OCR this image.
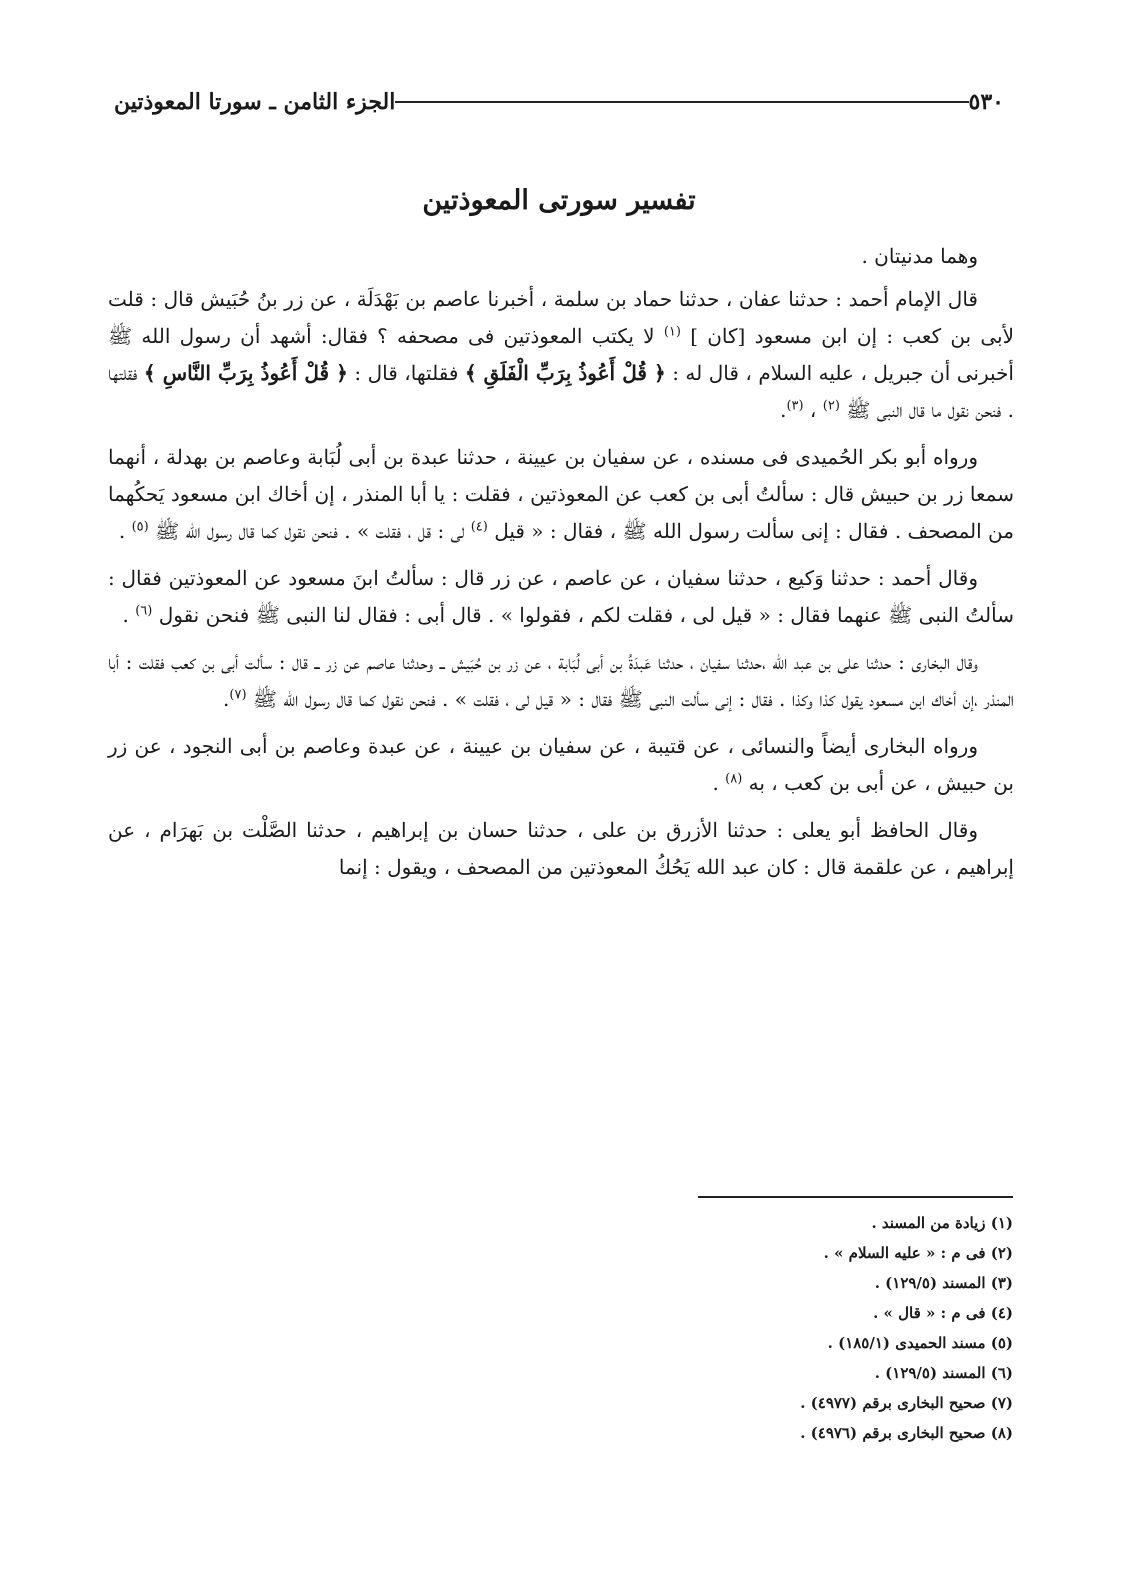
٥٣٠
الجزء الثامن ـ سورتا المعوذتين
تفسير سورتى المعوذتين

وهما مدنيتان .

قال الإمام أحمد : حدثنا عفان ، حدثنا حماد بن سلمة ، أخبرنا عاصم بن بَهْدَلَة ، عن زر بنُ حُبَيش قال : قلت لأبى بن كعب : إن ابن مسعود [كان ] $^{(١)}$ لا يكتب المعوذتين فى مصحفه ؟ فقال: أشهد أن رسول الله ﷺ أخبرنى أن جبريل ، عليه السلام ، قال له : ﴿ قُلْ أَعُوذُ بِرَبِّ الْفَلَقِ ﴾ فقلتها، قال : ﴿ قُلْ أَعُوذُ بِرَبِّ النَّاسِ ﴾ فقلتها . فنحن نقول ما قال النبى ﷺ $^{(٢)}$ ، $^{(٣)}$.

ورواه أبو بكر الحُميدى فى مسنده ، عن سفيان بن عيينة ، حدثنا عبدة بن أبى لُبَابة وعاصم بن بهدلة ، أنهما سمعا زر بن حبيش قال : سألتُ أبى بن كعب عن المعوذتين ، فقلت : يا أبا المنذر ، إن أخاك ابن مسعود يَحكُهما من المصحف . فقال : إنى سألت رسول الله ﷺ ، فقال : « قيل $^{(٤)}$ لى : قل ، فقلت » . فنحن نقول كما قال رسول الله ﷺ $^{(٥)}$ .

وقال أحمد : حدثنا وَكيع ، حدثنا سفيان ، عن عاصم ، عن زر قال : سألتُ ابنَ مسعود عن المعوذتين فقال : سألتُ النبى ﷺ عنهما فقال : « قيل لى ، فقلت لكم ، فقولوا » . قال أبى : فقال لنا النبى ﷺ فنحن نقول $^{(٦)}$ .

وقال البخارى : حدثنا على بن عبد الله ،حدثنا سفيان ، حدثنا عَبدَةُ بن أبى لُبَابة ، عن زر بن حُبَيش ــ وحدثنا عاصم عن زر ــ قال : سألت أبى بن كعب فقلت : أبا المنذر ،إن أخاك ابن مسعود يقول كذا وكذا . فقال : إنى سألت النبى ﷺ فقال : « قيل لى ، فقلت » . فنحن نقول كما قال رسول الله ﷺ $^{(٧)}$.

ورواه البخارى أيضاً والنسائى ، عن قتيبة ، عن سفيان بن عيينة ، عن عبدة وعاصم بن أبى النجود ، عن زر بن حبيش ، عن أبى بن كعب ، به $^{(٨)}$ .

وقال الحافظ أبو يعلى : حدثنا الأزرق بن على ، حدثنا حسان بن إبراهيم ، حدثنا الصَّلْت بن بَهرَام ، عن إبراهيم ، عن علقمة قال : كان عبد الله يَحُكُ المعوذتين من المصحف ، ويقول : إنما

(١) زيادة من المسند .
(٢) فى م : « عليه السلام » .
(٣) المسند (١٢٩/٥) .
(٤) فى م : « قال » .
(٥) مسند الحميدى (١٨٥/١) .
(٦) المسند (١٢٩/٥) .
(٧) صحيح البخارى برقم (٤٩٧٧) .
(٨) صحيح البخارى برقم (٤٩٧٦) .
